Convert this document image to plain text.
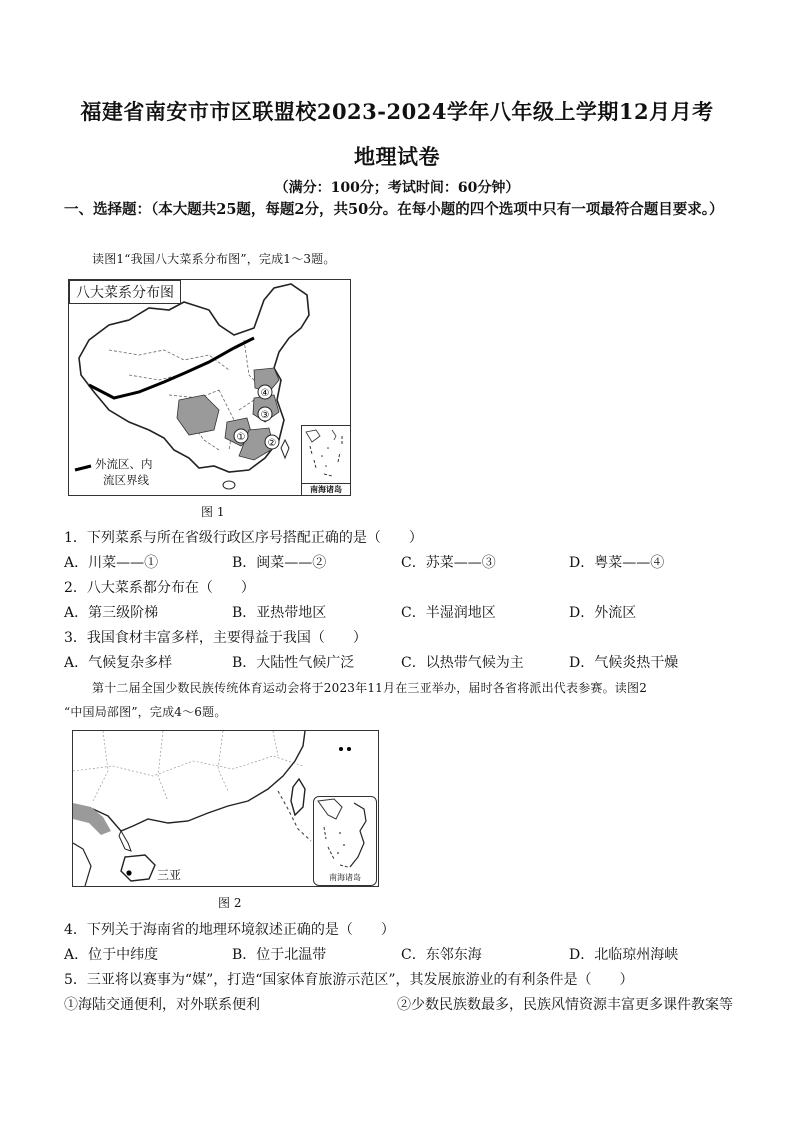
福建省南安市市区联盟校2023-2024学年八年级上学期12月月考
地理试卷
（满分：100分；考试时间：60分钟）
一、选择题：（本大题共25题，每题2分，共50分。在每小题的四个选项中只有一项最符合题目要求。）
读图1“我国八大菜系分布图”，完成1～3题。
④
③
①
②
八大菜系分布图
外流区、内
流区界线
南海诸岛
图 1
1．下列菜系与所在省级行政区序号搭配正确的是（　　）
A．川菜——①	B．闽菜——②	C．苏菜——③	D．粤菜——④
2．八大菜系都分布在（　　）
A．第三级阶梯	B．亚热带地区	C．半湿润地区	D．外流区
3．我国食材丰富多样，主要得益于我国（　　）
A．气候复杂多样	B．大陆性气候广泛	C．以热带气候为主	D．气候炎热干燥
第十二届全国少数民族传统体育运动会将于2023年11月在三亚举办，届时各省将派出代表参赛。读图2
“中国局部图”，完成4～6题。
三亚	南海诸岛
图 2
4．下列关于海南省的地理环境叙述正确的是（　　）
A．位于中纬度	B．位于北温带	C．东邻东海	D．北临琼州海峡
5．三亚将以赛事为“媒”，打造“国家体育旅游示范区”，其发展旅游业的有利条件是（　　）
①海陆交通便利，对外联系便利	②少数民族数最多，民族风情资源丰富更多课件教案等
